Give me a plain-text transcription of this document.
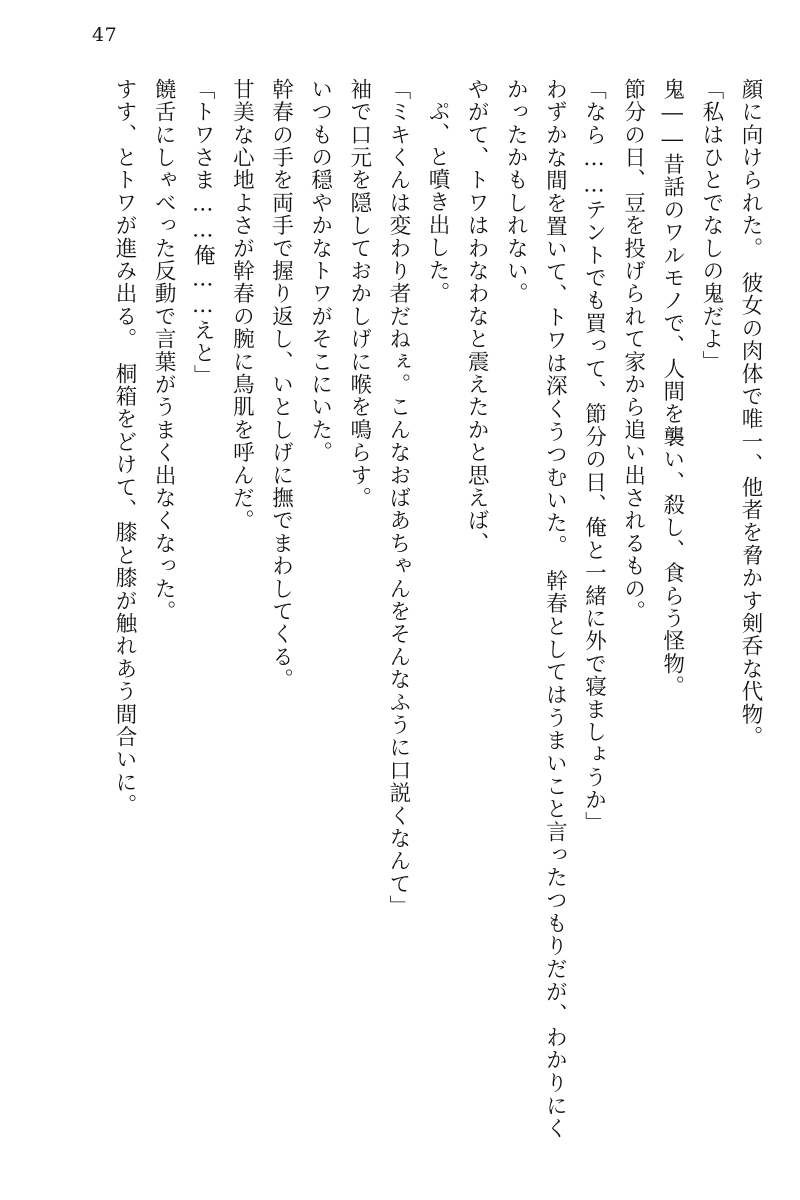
47

顔に向けられた。　彼女の肉体で唯一、他者を脅かす剣呑な代物。

「私はひとでなしの鬼だよ」

鬼――昔話のワルモノで、人間を襲い、殺し、食らう怪物。

節分の日、豆を投げられて家から追い出されるもの。

「なら……テントでも買って、節分の日、俺と一緒に外で寝ましょうか」

わずかな間を置いて、トワは深くうつむいた。　幹春としてはうまいこと言ったつもりだが、わかりにくかったかもしれない。

やがて、トワはわなわなと震えたかと思えば、

ぷ、と噴き出した。

「ミキくんは変わり者だねぇ。こんなおばあちゃんをそんなふうに口説くなんて」

袖で口元を隠しておかしげに喉を鳴らす。

いつもの穏やかなトワがそこにいた。

幹春の手を両手で握り返し、いとしげに撫でまわしてくる。

甘美な心地よさが幹春の腕に鳥肌を呼んだ。

「トワさま……俺……えと」

饒舌にしゃべった反動で言葉がうまく出なくなった。

すす、とトワが進み出る。　桐箱をどけて、膝と膝が触れあう間合いに。
